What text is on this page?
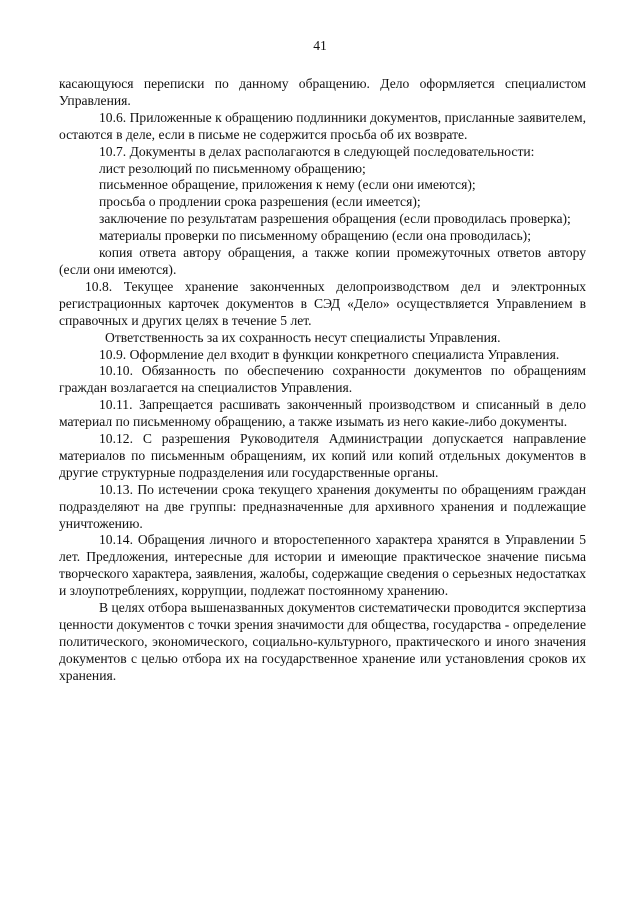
41

касающуюся переписки по данному обращению. Дело оформляется специалистом Управления.

10.6. Приложенные к обращению подлинники документов, присланные заявителем, остаются в деле, если в письме не содержится просьба об их возврате.

10.7. Документы в делах располагаются в следующей последовательности:

лист резолюций по письменному обращению;

письменное обращение, приложения к нему (если они имеются);

просьба о продлении срока разрешения (если имеется);

заключение по результатам разрешения обращения (если проводилась проверка);

материалы проверки по письменному обращению (если она проводилась);

копия ответа автору обращения, а также копии промежуточных ответов автору (если они имеются).

10.8. Текущее хранение законченных делопроизводством дел и электронных регистрационных карточек документов в СЭД «Дело» осуществляется Управлением в справочных и других целях в течение 5 лет.

Ответственность за их сохранность несут специалисты Управления.

10.9. Оформление дел входит в функции конкретного специалиста Управления.

10.10. Обязанность по обеспечению сохранности документов по обращениям граждан возлагается на специалистов Управления.

10.11. Запрещается расшивать законченный производством и списанный в дело материал по письменному обращению, а также изымать из него какие-либо документы.

10.12. С разрешения Руководителя Администрации допускается направление материалов по письменным обращениям, их копий или копий отдельных документов в другие структурные подразделения или государственные органы.

10.13. По истечении срока текущего хранения документы по обращениям граждан подразделяют на две группы: предназначенные для архивного хранения и подлежащие уничтожению.

10.14. Обращения личного и второстепенного характера хранятся в Управлении 5 лет. Предложения, интересные для истории и имеющие практическое значение письма творческого характера, заявления, жалобы, содержащие сведения о серьезных недостатках и злоупотреблениях, коррупции, подлежат постоянному хранению.

В целях отбора вышеназванных документов систематически проводится экспертиза ценности документов с точки зрения значимости для общества, государства - определение политического, экономического, социально-культурного, практического и иного значения документов с целью отбора их на государственное хранение или установления сроков их хранения.
